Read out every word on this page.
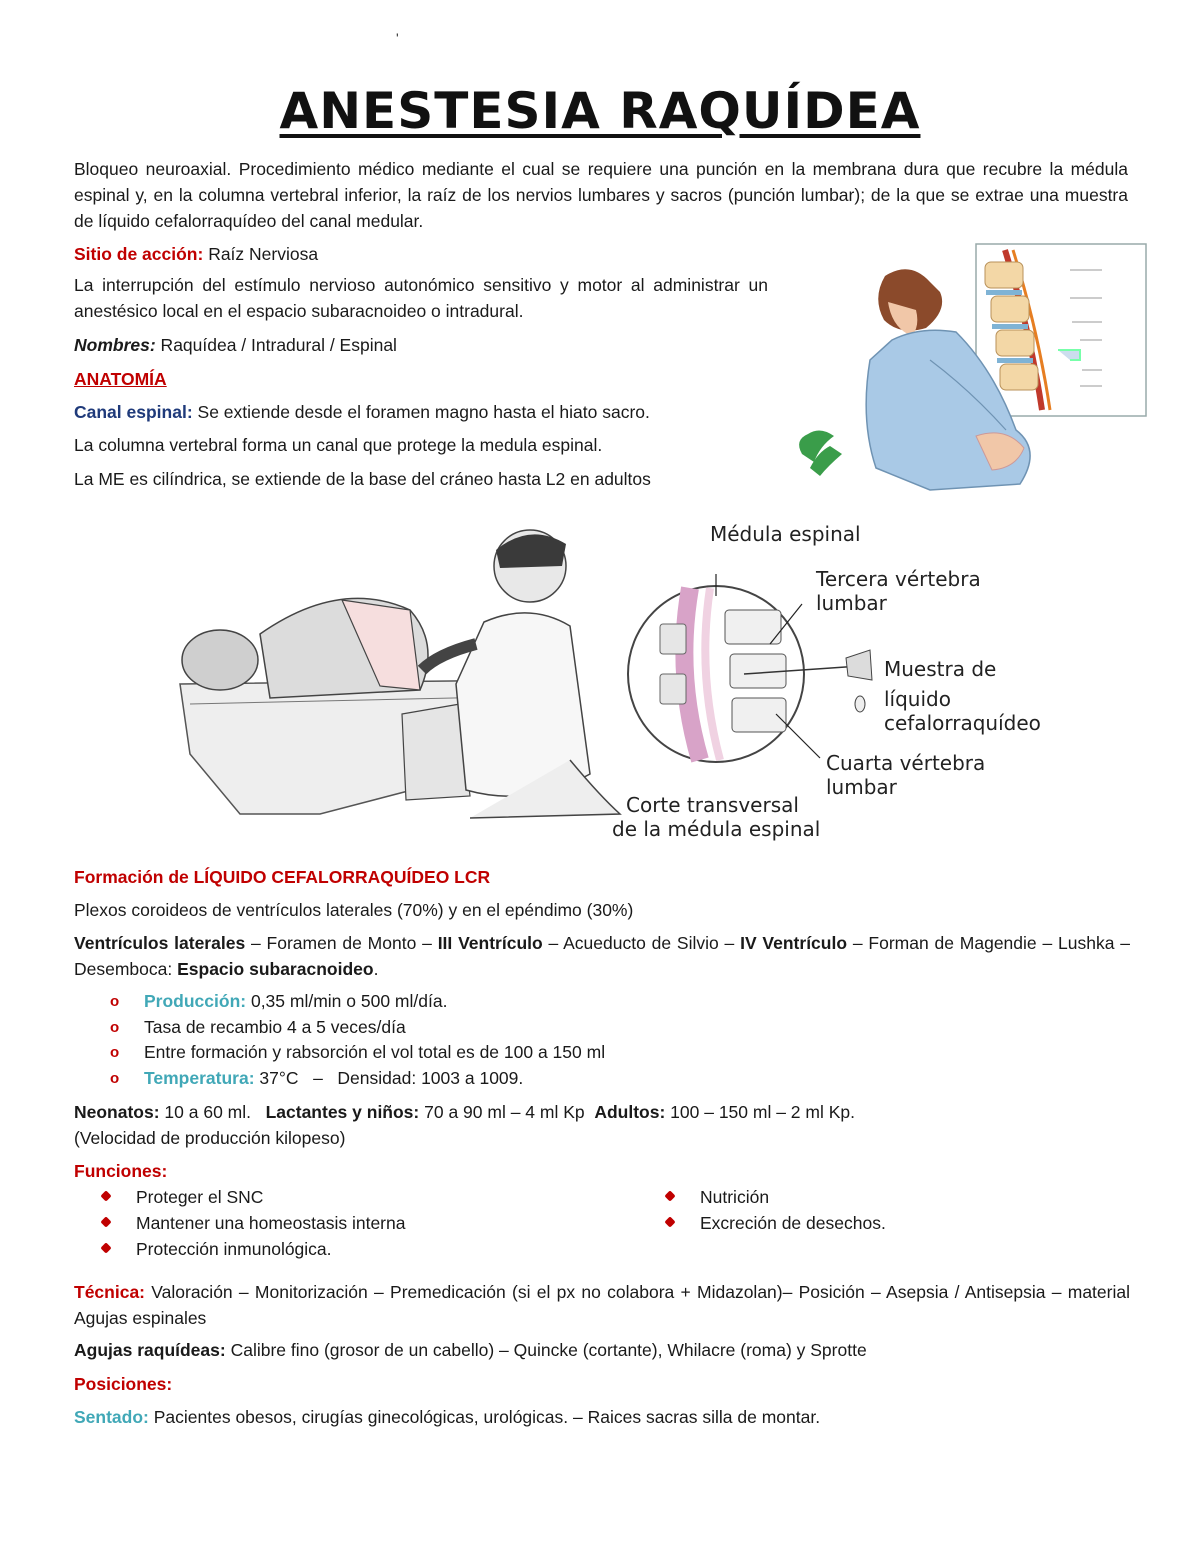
'
ANESTESIA RAQUÍDEA
Bloqueo neuroaxial. Procedimiento médico mediante el cual se requiere una punción en la membrana dura que recubre la médula espinal y, en la columna vertebral inferior, la raíz de los nervios lumbares y sacros (punción lumbar); de la que se extrae una muestra de líquido cefalorraquídeo del canal medular.
Sitio de acción: Raíz Nerviosa
La interrupción del estímulo nervioso autonómico sensitivo y motor al administrar un anestésico local en el espacio subaracnoideo o intradural.
Nombres: Raquídea / Intradural / Espinal
ANATOMÍA
Canal espinal: Se extiende desde el foramen magno hasta el hiato sacro.
La columna vertebral forma un canal que protege la medula espinal.
La ME es cilíndrica, se extiende de la base del cráneo hasta L2 en adultos
Médula espinal
Tercera vértebra
lumbar
Muestra de
líquido
cefalorraquídeo
Cuarta vértebra
lumbar
Corte transversal
de la médula espinal
Formación de LÍQUIDO CEFALORRAQUÍDEO LCR
Plexos coroideos de ventrículos laterales (70%) y en el epéndimo (30%)
Ventrículos laterales – Foramen de Monto – III Ventrículo – Acueducto de Silvio – IV Ventrículo – Forman de Magendie – Lushka – Desemboca: Espacio subaracnoideo.
o Producción: 0,35 ml/min o 500 ml/día.
o Tasa de recambio 4 a 5 veces/día
o Entre formación y rabsorción el vol total es de 100 a 150 ml
o Temperatura: 37°C   –   Densidad: 1003 a 1009.
Neonatos: 10 a 60 ml.   Lactantes y niños: 70 a 90 ml – 4 ml Kp  Adultos: 100 – 150 ml – 2 ml Kp.
(Velocidad de producción kilopeso)
Funciones:
Proteger el SNC
Mantener una homeostasis interna
Protección inmunológica.
Nutrición
Excreción de desechos.
Técnica: Valoración – Monitorización – Premedicación (si el px no colabora + Midazolan)– Posición – Asepsia / Antisepsia – material Agujas espinales
Agujas raquídeas: Calibre fino (grosor de un cabello) – Quincke (cortante), Whilacre (roma) y Sprotte
Posiciones:
Sentado: Pacientes obesos, cirugías ginecológicas, urológicas. – Raices sacras silla de montar.
